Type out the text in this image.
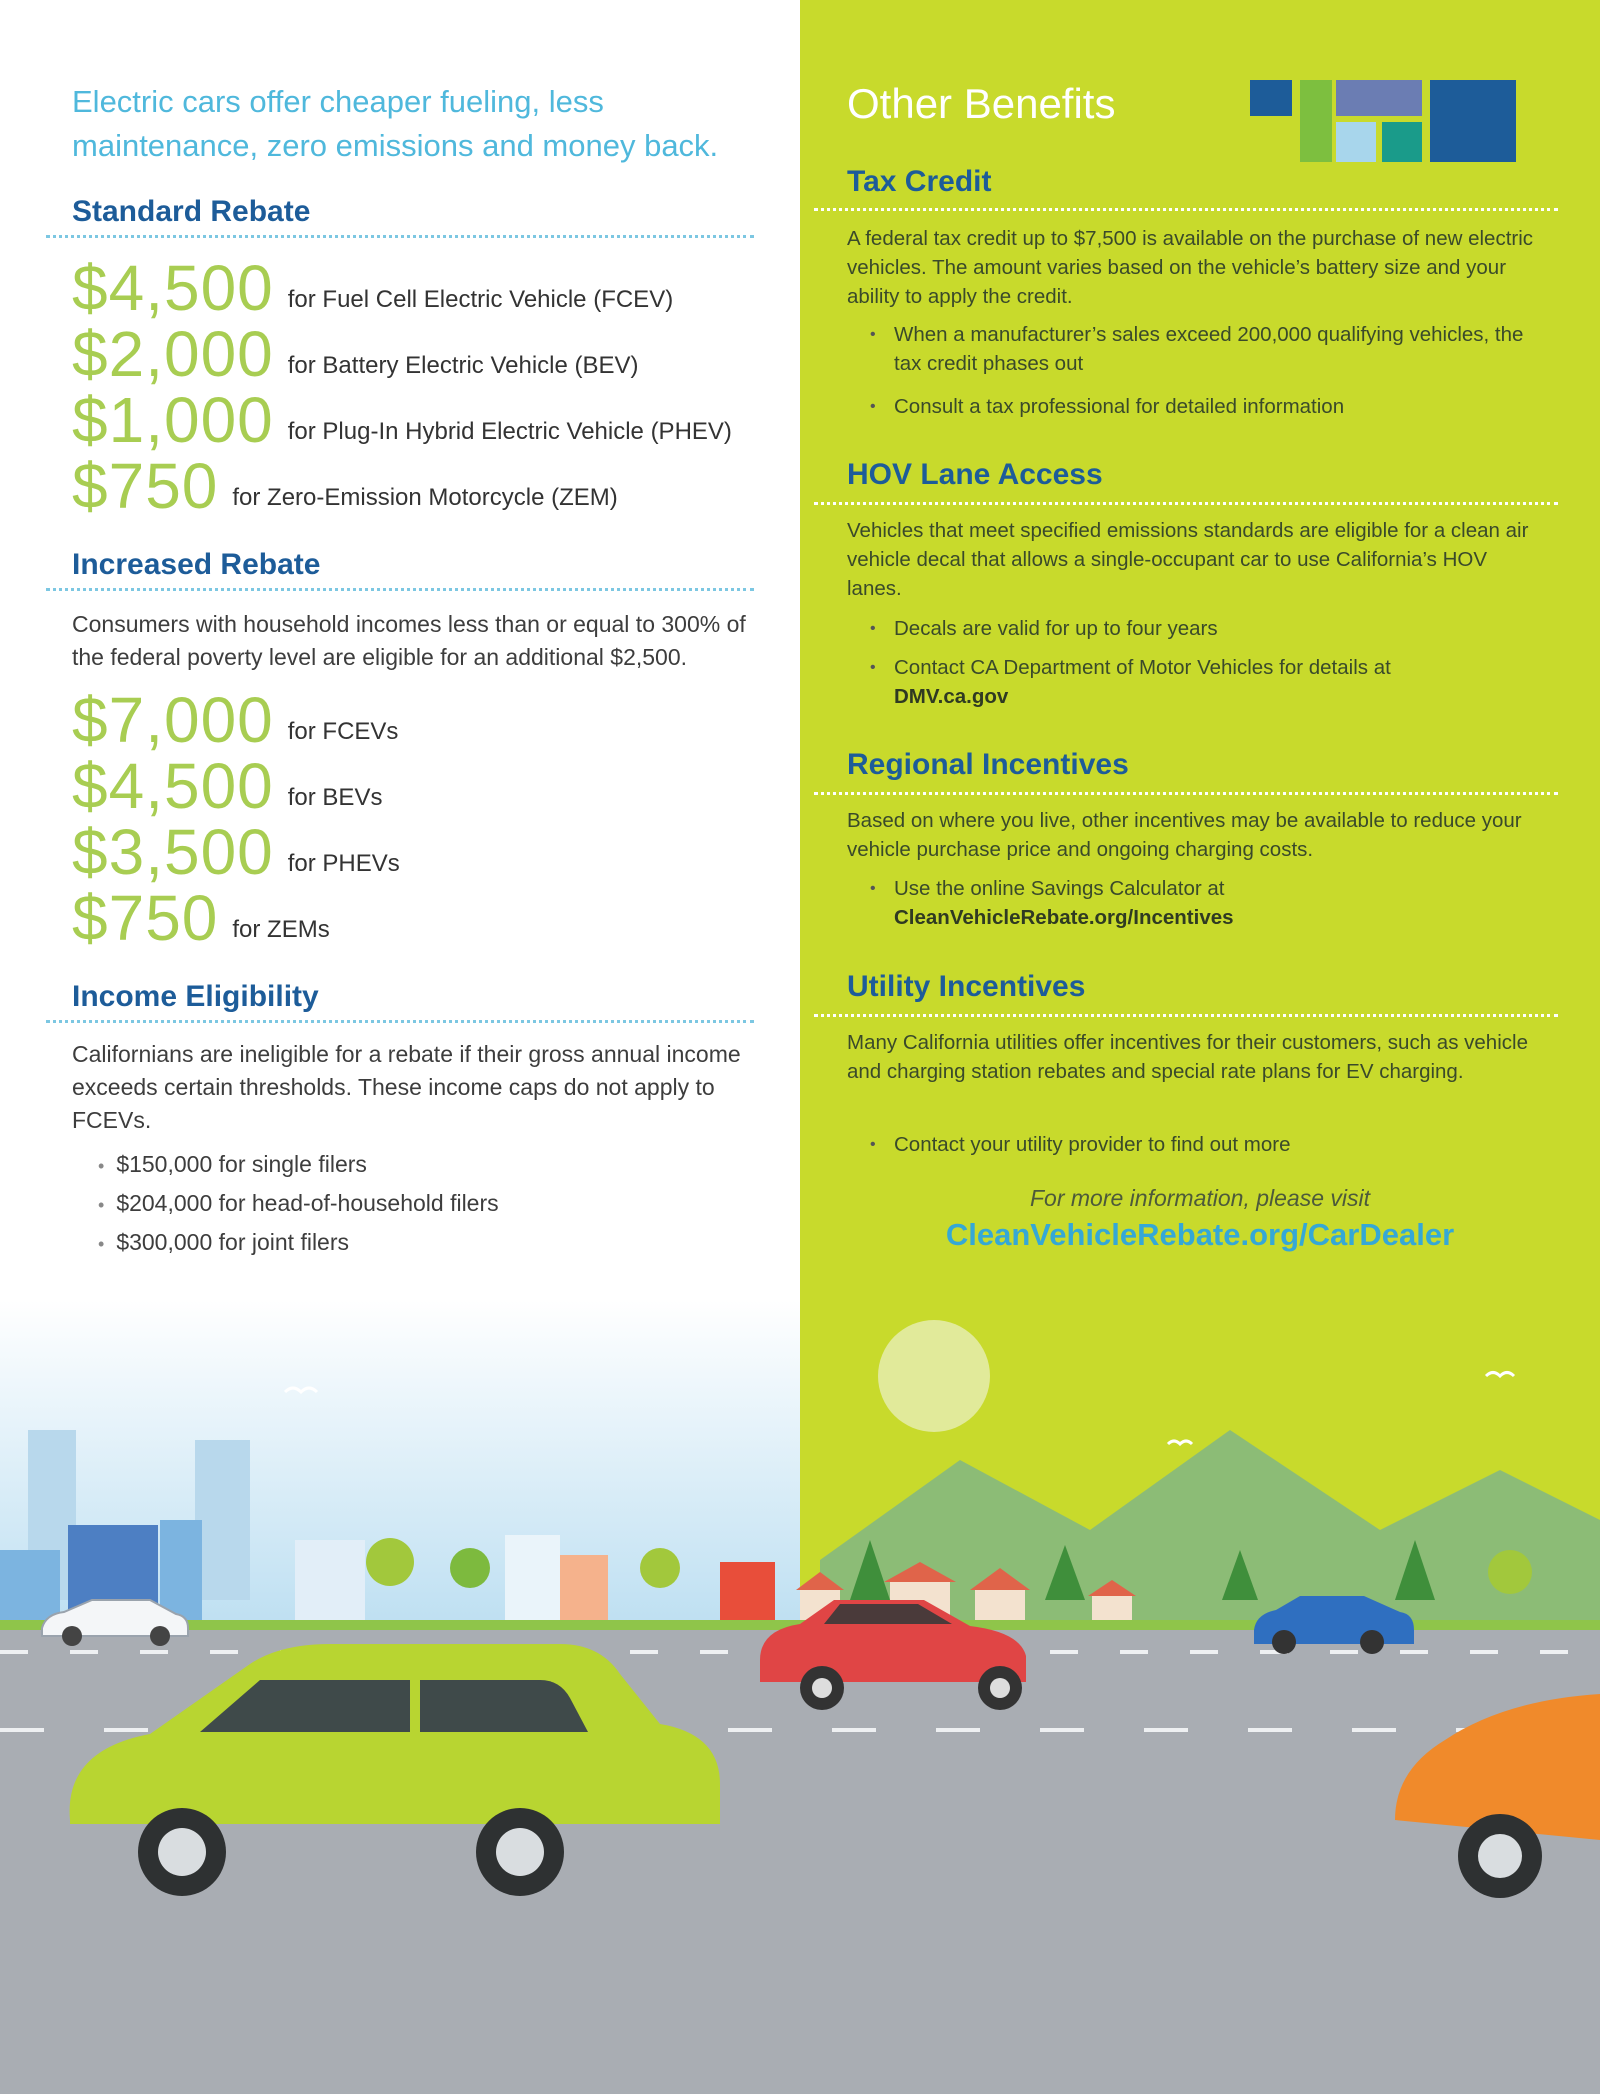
Electric cars offer cheaper fueling, less maintenance, zero emissions and money back.
Standard Rebate
$4,500 for Fuel Cell Electric Vehicle (FCEV)
$2,000 for Battery Electric Vehicle (BEV)
$1,000 for Plug-In Hybrid Electric Vehicle (PHEV)
$750 for Zero-Emission Motorcycle (ZEM)
Increased Rebate
Consumers with household incomes less than or equal to 300% of the federal poverty level are eligible for an additional $2,500.
$7,000 for FCEVs
$4,500 for BEVs
$3,500 for PHEVs
$750 for ZEMs
Income Eligibility
Californians are ineligible for a rebate if their gross annual income exceeds certain thresholds. These income caps do not apply to FCEVs.
• $150,000 for single filers
• $204,000 for head-of-household filers
• $300,000 for joint filers
Other Benefits
Tax Credit
A federal tax credit up to $7,500 is available on the purchase of new electric vehicles. The amount varies based on the vehicle’s battery size and your ability to apply the credit.
• When a manufacturer’s sales exceed 200,000 qualifying vehicles, the tax credit phases out
• Consult a tax professional for detailed information
HOV Lane Access
Vehicles that meet specified emissions standards are eligible for a clean air vehicle decal that allows a single-occupant car to use California’s HOV lanes.
• Decals are valid for up to four years
• Contact CA Department of Motor Vehicles for details at
DMV.ca.gov
Regional Incentives
Based on where you live, other incentives may be available to reduce your vehicle purchase price and ongoing charging costs.
• Use the online Savings Calculator at
CleanVehicleRebate.org/Incentives
Utility Incentives
Many California utilities offer incentives for their customers, such as vehicle and charging station rebates and special rate plans for EV charging.
• Contact your utility provider to find out more
For more information, please visit
CleanVehicleRebate.org/CarDealer
